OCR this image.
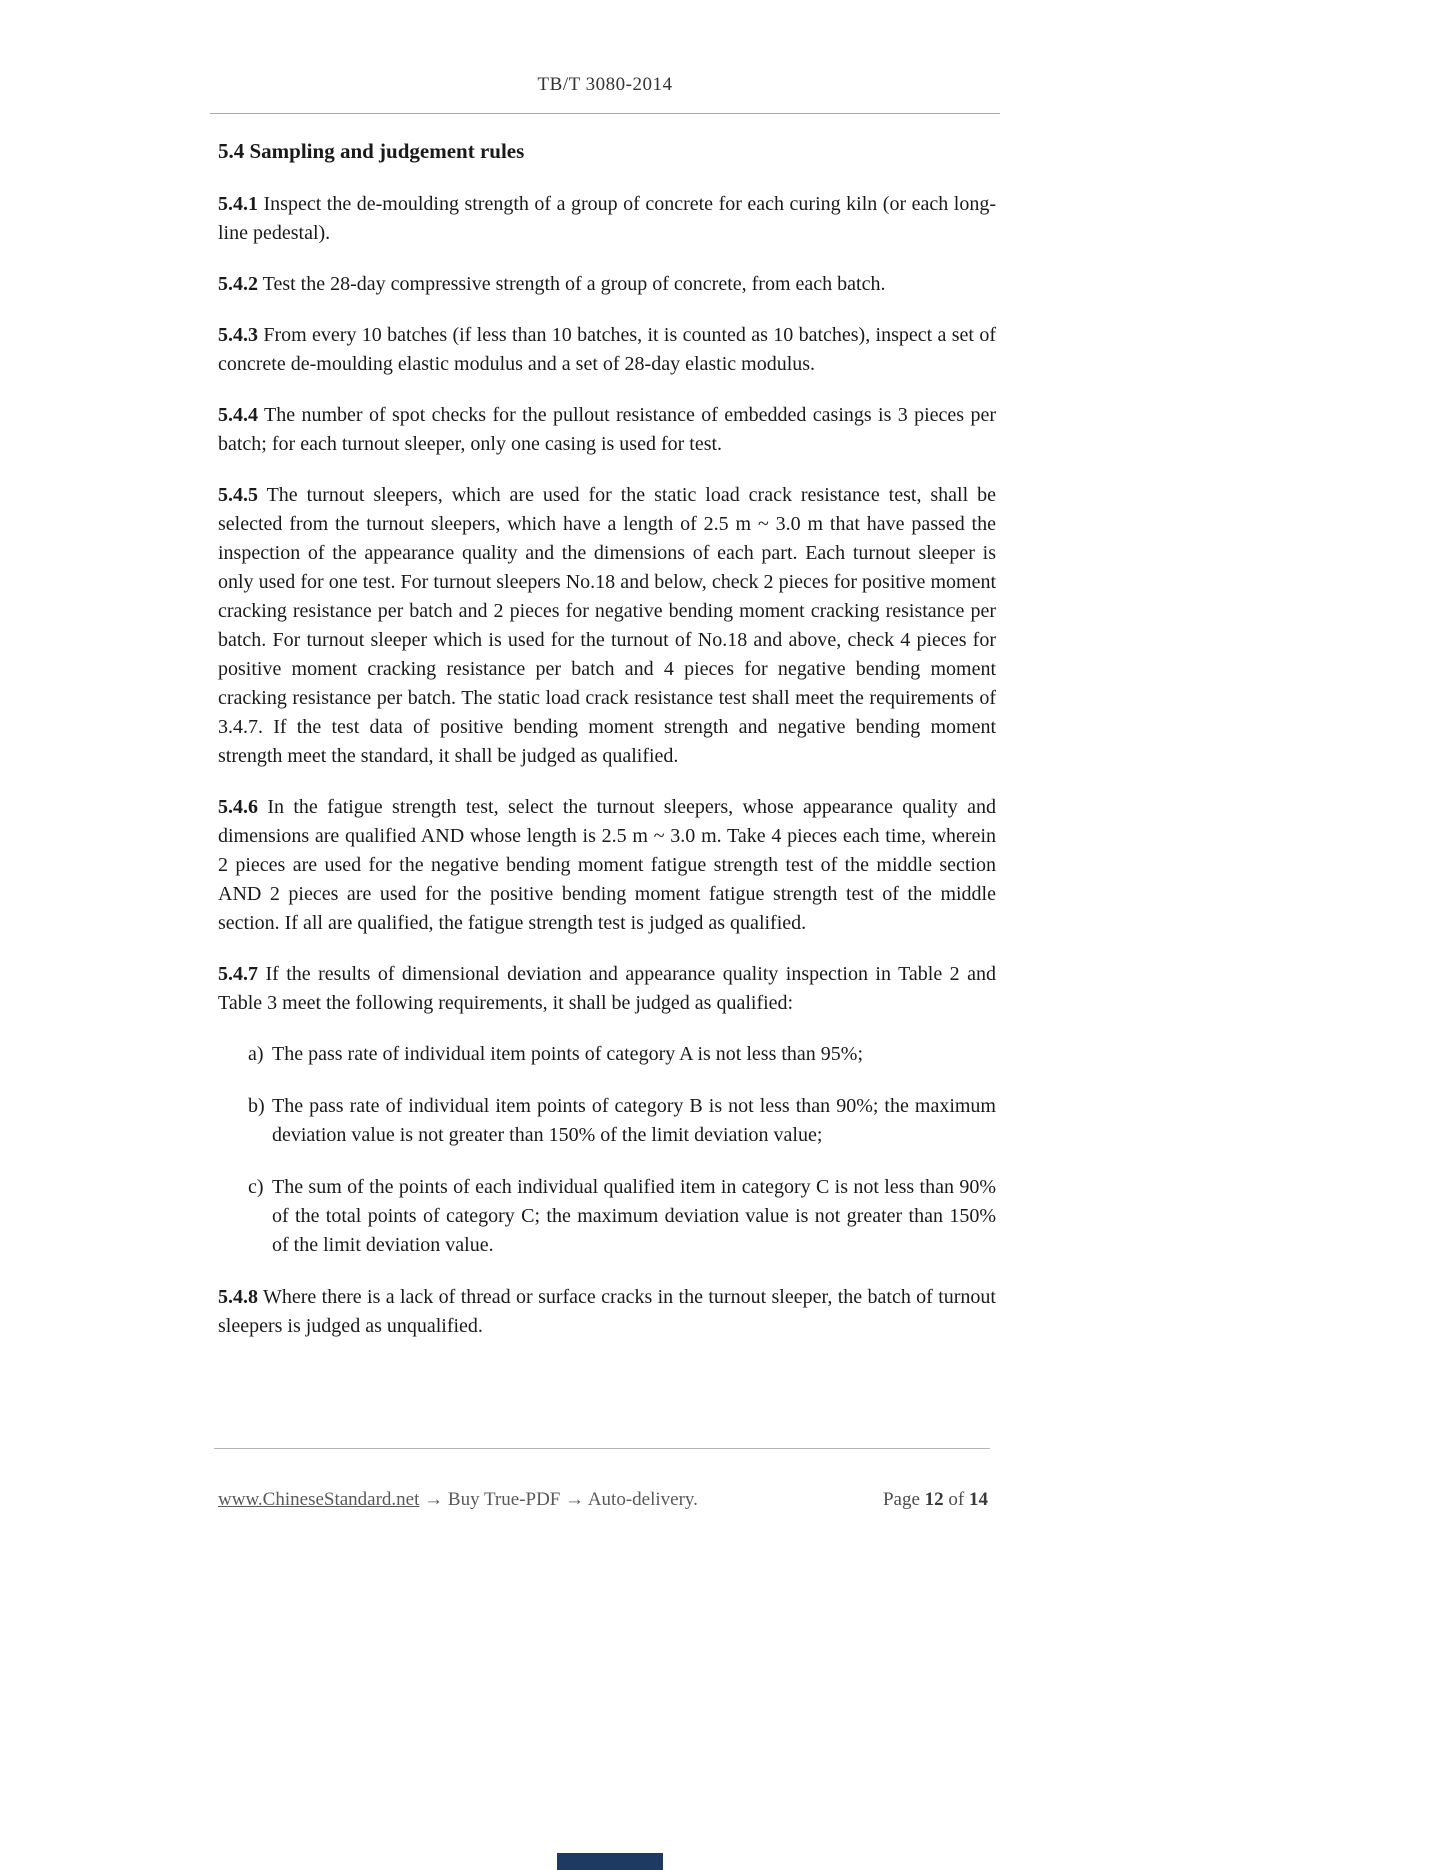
TB/T 3080-2014
5.4 Sampling and judgement rules

5.4.1 Inspect the de-moulding strength of a group of concrete for each curing kiln (or each long-line pedestal).

5.4.2 Test the 28-day compressive strength of a group of concrete, from each batch.

5.4.3 From every 10 batches (if less than 10 batches, it is counted as 10 batches), inspect a set of concrete de-moulding elastic modulus and a set of 28-day elastic modulus.

5.4.4 The number of spot checks for the pullout resistance of embedded casings is 3 pieces per batch; for each turnout sleeper, only one casing is used for test.

5.4.5 The turnout sleepers, which are used for the static load crack resistance test, shall be selected from the turnout sleepers, which have a length of 2.5 m ~ 3.0 m that have passed the inspection of the appearance quality and the dimensions of each part. Each turnout sleeper is only used for one test. For turnout sleepers No.18 and below, check 2 pieces for positive moment cracking resistance per batch and 2 pieces for negative bending moment cracking resistance per batch. For turnout sleeper which is used for the turnout of No.18 and above, check 4 pieces for positive moment cracking resistance per batch and 4 pieces for negative bending moment cracking resistance per batch. The static load crack resistance test shall meet the requirements of 3.4.7. If the test data of positive bending moment strength and negative bending moment strength meet the standard, it shall be judged as qualified.

5.4.6 In the fatigue strength test, select the turnout sleepers, whose appearance quality and dimensions are qualified AND whose length is 2.5 m ~ 3.0 m. Take 4 pieces each time, wherein 2 pieces are used for the negative bending moment fatigue strength test of the middle section AND 2 pieces are used for the positive bending moment fatigue strength test of the middle section. If all are qualified, the fatigue strength test is judged as qualified.

5.4.7 If the results of dimensional deviation and appearance quality inspection in Table 2 and Table 3 meet the following requirements, it shall be judged as qualified:

a) The pass rate of individual item points of category A is not less than 95%;
b) The pass rate of individual item points of category B is not less than 90%; the maximum deviation value is not greater than 150% of the limit deviation value;
c) The sum of the points of each individual qualified item in category C is not less than 90% of the total points of category C; the maximum deviation value is not greater than 150% of the limit deviation value.

5.4.8 Where there is a lack of thread or surface cracks in the turnout sleeper, the batch of turnout sleepers is judged as unqualified.

www.ChineseStandard.net → Buy True-PDF → Auto-delivery.	Page 12 of 14
